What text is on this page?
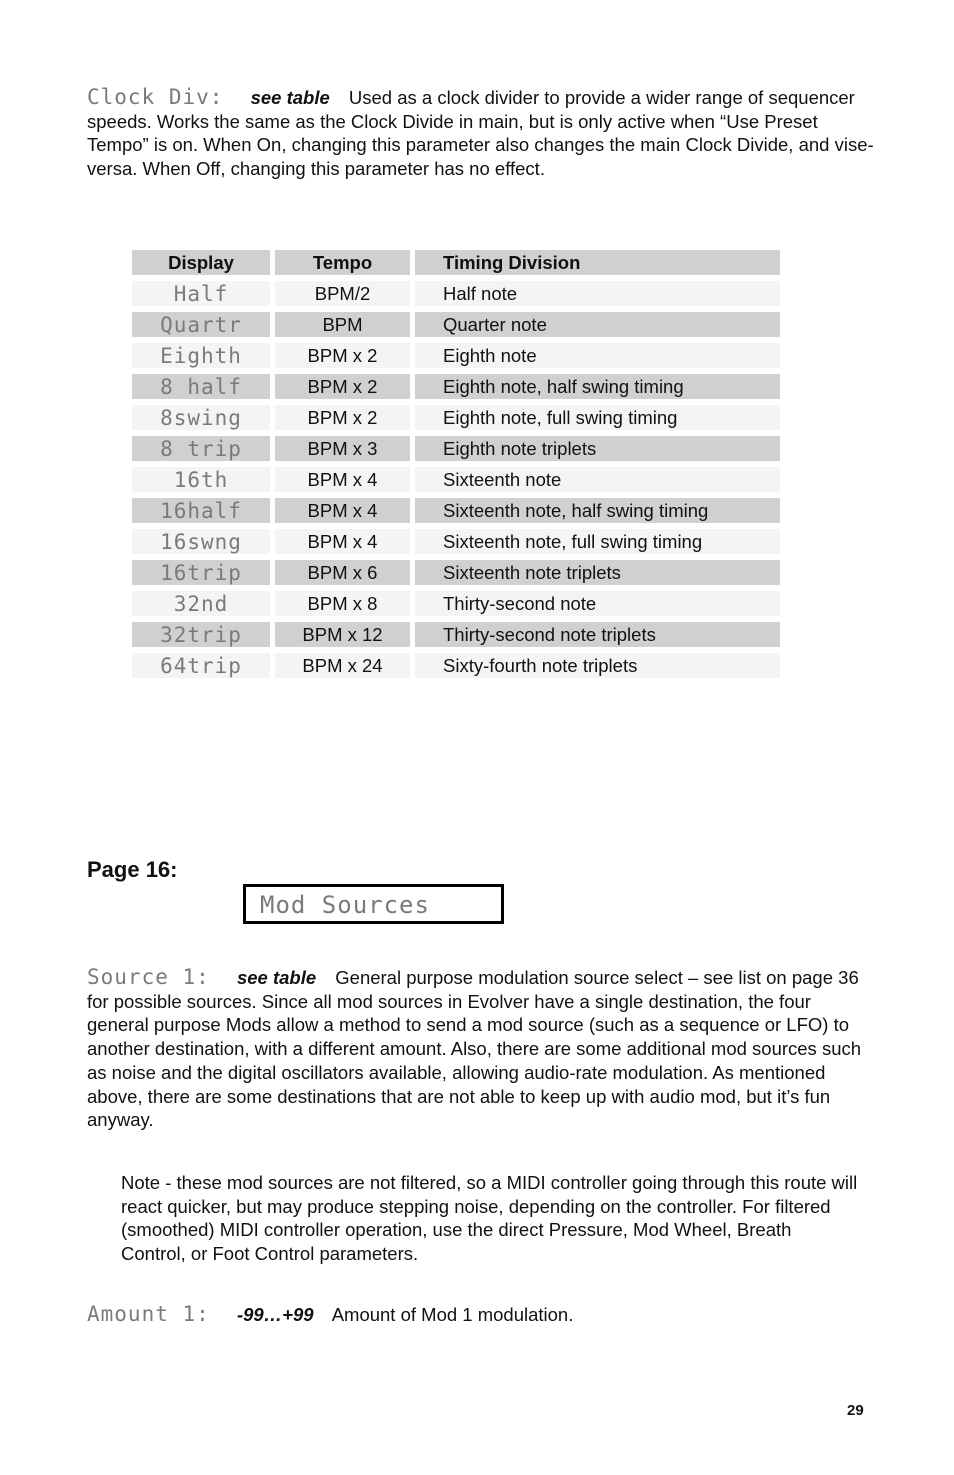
Clock Div: see table Used as a clock divider to provide a wider range of sequencer speeds. Works the same as the Clock Divide in main, but is only active when “Use Preset Tempo” is on. When On, changing this parameter also changes the main Clock Divide, and vise-versa. When Off, changing this parameter has no effect.
Display	Tempo	Timing Division
Half	BPM/2	Half note
Quartr	BPM	Quarter note
Eighth	BPM x 2	Eighth note
8 half	BPM x 2	Eighth note, half swing timing
8swing	BPM x 2	Eighth note, full swing timing
8 trip	BPM x 3	Eighth note triplets
16th	BPM x 4	Sixteenth note
16half	BPM x 4	Sixteenth note, half swing timing
16swng	BPM x 4	Sixteenth note, full swing timing
16trip	BPM x 6	Sixteenth note triplets
32nd	BPM x 8	Thirty-second note
32trip	BPM x 12	Thirty-second note triplets
64trip	BPM x 24	Sixty-fourth note triplets
Page 16:
Mod Sources
Source 1: see table General purpose modulation source select – see list on page 36 for possible sources. Since all mod sources in Evolver have a single destination, the four general purpose Mods allow a method to send a mod source (such as a sequence or LFO) to another destination, with a different amount. Also, there are some additional mod sources such as noise and the digital oscillators available, allowing audio-rate modulation. As mentioned above, there are some destinations that are not able to keep up with audio mod, but it’s fun anyway.
Note - these mod sources are not filtered, so a MIDI controller going through this route will react quicker, but may produce stepping noise, depending on the controller. For filtered (smoothed) MIDI controller operation, use the direct Pressure, Mod Wheel, Breath Control, or Foot Control parameters.
Amount 1: -99…+99 Amount of Mod 1 modulation.
29
